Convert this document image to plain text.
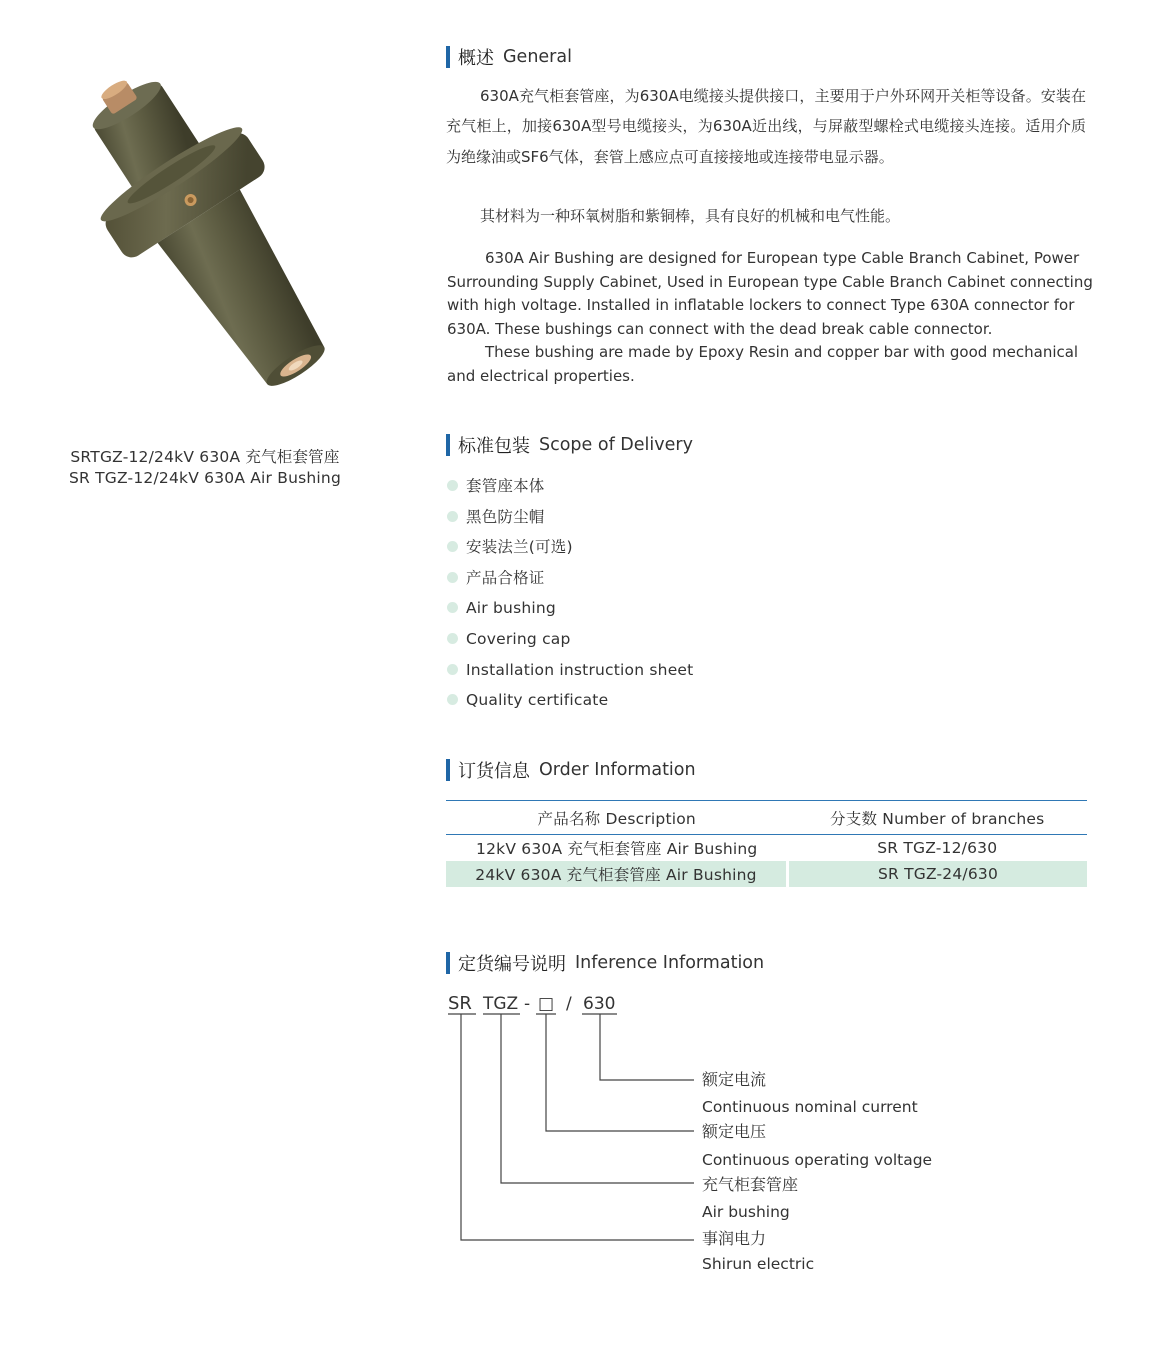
SRTGZ-12/24kV 630A 充气柜套管座
SR TGZ-12/24kV 630A Air Bushing
概述 General

630A充气柜套管座，为630A电缆接头提供接口，主要用于户外环网开关柜等设备。安装在充气柜上，加接630A型号电缆接头，为630A近出线，与屏蔽型螺栓式电缆接头连接。适用介质为绝缘油或SF6气体，套管上感应点可直接接地或连接带电显示器。

其材料为一种环氧树脂和紫铜棒，具有良好的机械和电气性能。

630A Air Bushing are designed for European type Cable Branch Cabinet, Power Surrounding Supply Cabinet, Used in European type Cable Branch Cabinet connecting with high voltage. Installed in inflatable lockers to connect Type 630A connector for 630A. These bushings can connect with the dead break cable connector.

These bushing are made by Epoxy Resin and copper bar with good mechanical and electrical properties.

标准包装 Scope of Delivery
套管座本体
黑色防尘帽
安装法兰(可选)
产品合格证
Air bushing
Covering cap
Installation instruction sheet
Quality certificate
订货信息 Order Information
产品名称 Description	分支数 Number of branches
12kV 630A 充气柜套管座 Air Bushing	SR TGZ-12/630
24kV 630A 充气柜套管座 Air Bushing	SR TGZ-24/630
定货编号说明 Inference Information
SR TGZ - □ / 630
额定电流
Continuous nominal current
额定电压
Continuous operating voltage
充气柜套管座
Air bushing
事润电力
Shirun electric
